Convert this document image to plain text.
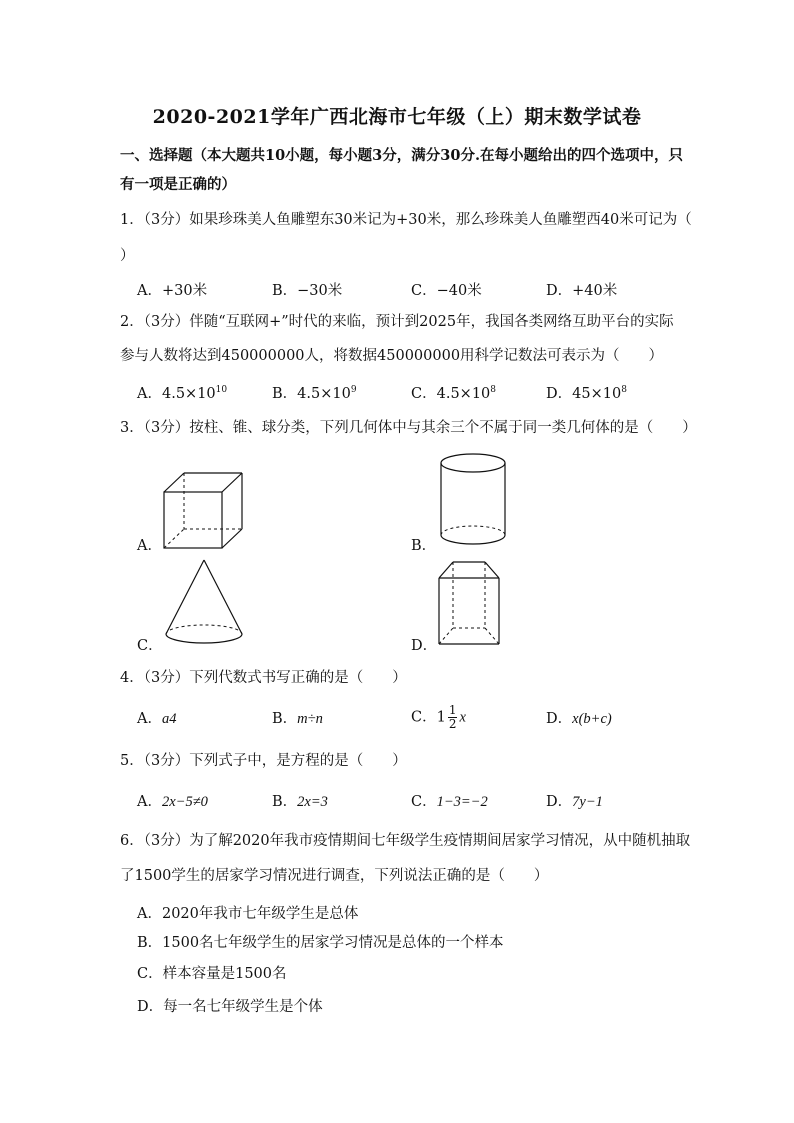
2020-2021学年广西北海市七年级（上）期末数学试卷
一、选择题（本大题共10小题，每小题3分，满分30分.在每小题给出的四个选项中，只
有一项是正确的）
1．（3分）如果珍珠美人鱼雕塑东30米记为+30米，那么珍珠美人鱼雕塑西40米可记为（
）
A．+30米	B．−30米	C．−40米	D．+40米
2．（3分）伴随“互联网+”时代的来临，预计到2025年，我国各类网络互助平台的实际
参与人数将达到450000000人，将数据450000000用科学记数法可表示为（　　）
A．$4.5\times 10^{10}$	B．$4.5\times 10^9$	C．$4.5\times 10^8$	D．$45\times 10^8$
3．（3分）按柱、锥、球分类，下列几何体中与其余三个不属于同一类几何体的是（　　）
A．	B．
C．	D．
4．（3分）下列代数式书写正确的是（　　）
A．a4	B．m÷n	C．$1 \frac{1}{2}$ x	D．x(b+c)
5．（3分）下列式子中，是方程的是（　　）
A．2x−5≠0	B．2x=3	C．1−3=−2	D．7y−1
6．（3分）为了解2020年我市疫情期间七年级学生疫情期间居家学习情况，从中随机抽取
了1500学生的居家学习情况进行调查，下列说法正确的是（　　）
A．2020年我市七年级学生是总体
B．1500名七年级学生的居家学习情况是总体的一个样本
C．样本容量是1500名
D．每一名七年级学生是个体
